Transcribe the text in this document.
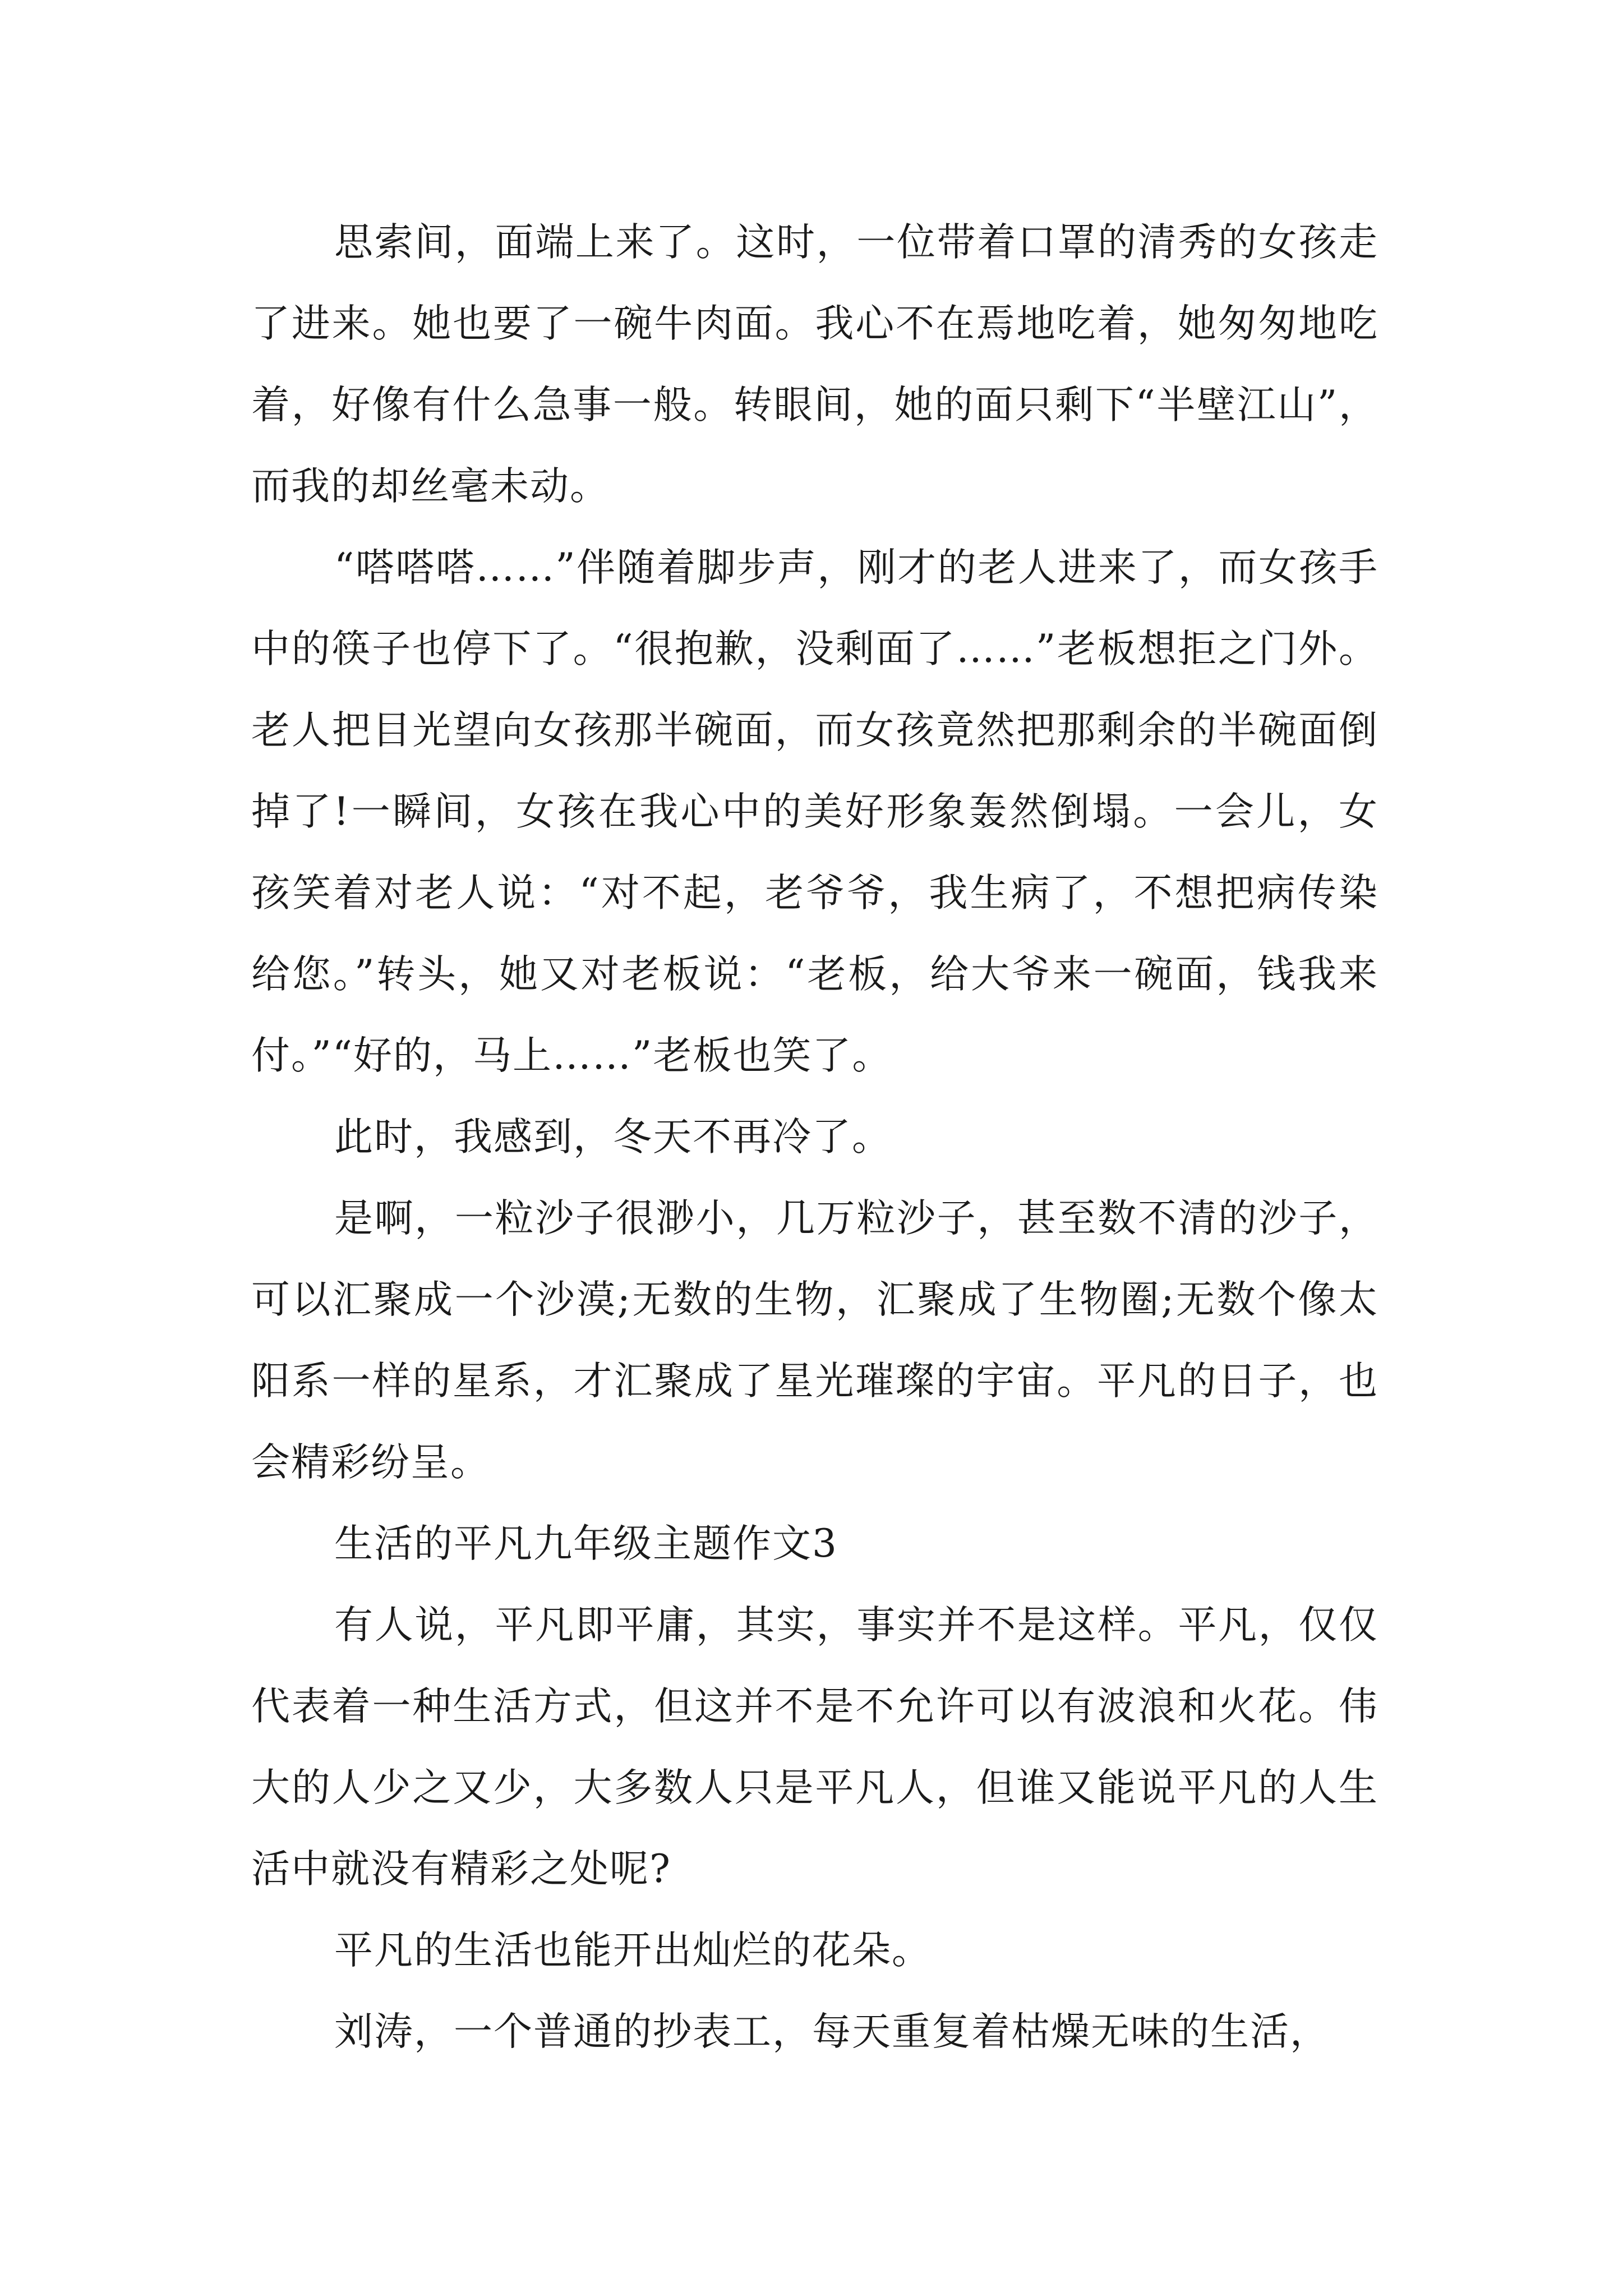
思索间，面端上来了。这时，一位带着口罩的清秀的女孩走了进来。她也要了一碗牛肉面。我心不在焉地吃着，她匆匆地吃着，好像有什么急事一般。转眼间，她的面只剩下“半壁江山”，而我的却丝毫未动。

“嗒嗒嗒……”伴随着脚步声，刚才的老人进来了，而女孩手中的筷子也停下了。“很抱歉，没剩面了……”老板想拒之门外。老人把目光望向女孩那半碗面，而女孩竟然把那剩余的半碗面倒掉了!一瞬间，女孩在我心中的美好形象轰然倒塌。一会儿，女孩笑着对老人说：“对不起，老爷爷，我生病了，不想把病传染给您。”转头，她又对老板说：“老板，给大爷来一碗面，钱我来付。”“好的，马上……”老板也笑了。

此时，我感到，冬天不再冷了。

是啊，一粒沙子很渺小，几万粒沙子，甚至数不清的沙子，可以汇聚成一个沙漠;无数的生物，汇聚成了生物圈;无数个像太阳系一样的星系，才汇聚成了星光璀璨的宇宙。平凡的日子，也会精彩纷呈。

生活的平凡九年级主题作文3

有人说，平凡即平庸，其实，事实并不是这样。平凡，仅仅代表着一种生活方式，但这并不是不允许可以有波浪和火花。伟大的人少之又少，大多数人只是平凡人，但谁又能说平凡的人生活中就没有精彩之处呢?

平凡的生活也能开出灿烂的花朵。

刘涛，一个普通的抄表工，每天重复着枯燥无味的生活，
